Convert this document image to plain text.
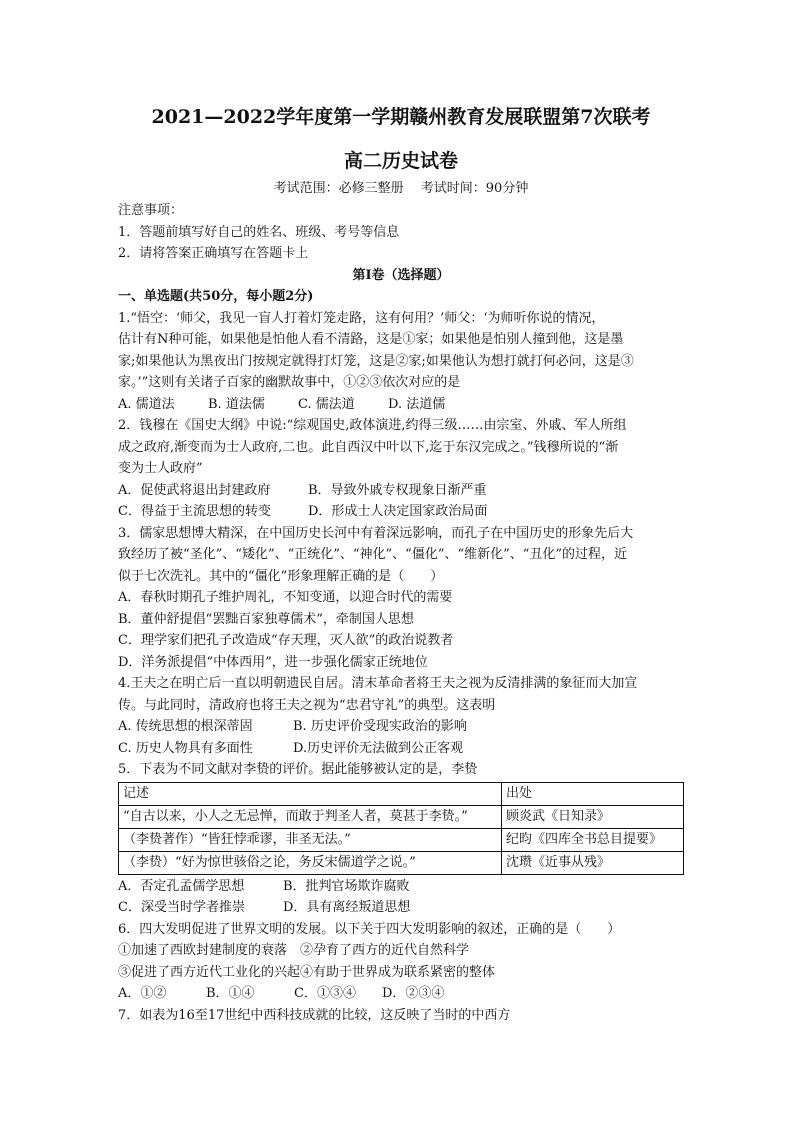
2021—2022学年度第一学期赣州教育发展联盟第7次联考
高二历史试卷
考试范围：必修三整册　 考试时间：90分钟
注意事项：
1．答题前填写好自己的姓名、班级、考号等信息
2．请将答案正确填写在答题卡上
第Ⅰ卷（选择题）
一、单选题(共50分，每小题2分)
1.“悟空：‘师父，我见一盲人打着灯笼走路，这有何用？’师父：‘为师听你说的情况，
估计有N种可能，如果他是怕他人看不清路，这是①家；如果他是怕别人撞到他，这是墨
家;如果他认为黑夜出门按规定就得打灯笼，这是②家;如果他认为想打就打何必问，这是③
家。’”这则有关诸子百家的幽默故事中，①②③依次对应的是
A. 儒道法	B. 道法儒	C. 儒法道	D. 法道儒
2．钱穆在《国史大纲》中说:“综观国史,政体演进,约得三级……由宗室、外戚、军人所组
成之政府,渐变而为士人政府,二也。此自西汉中叶以下,迄于东汉完成之。”钱穆所说的“渐
变为士人政府”
A．促使武将退出封建政府	B．导致外戚专权现象日渐严重
C．得益于主流思想的转变	D．形成士人决定国家政治局面
3．儒家思想博大精深，在中国历史长河中有着深远影响，而孔子在中国历史的形象先后大
致经历了被“圣化”、“矮化”、“正统化”、“神化”、“僵化”、“维新化”、“丑化”的过程，近
似于七次洗礼。其中的“僵化”形象理解正确的是（　　）
A．春秋时期孔子维护周礼，不知变通，以迎合时代的需要
B．董仲舒提倡“罢黜百家独尊儒术”，牵制国人思想
C．理学家们把孔子改造成“存天理，灭人欲”的政治说教者
D．洋务派提倡“中体西用”，进一步强化儒家正统地位
4.王夫之在明亡后一直以明朝遗民自居。清末革命者将王夫之视为反清排满的象征而大加宣
传。与此同时，清政府也将王夫之视为“忠君守礼”的典型。这表明
A. 传统思想的根深蒂固	B. 历史评价受现实政治的影响
C. 历史人物具有多面性	D.历史评价无法做到公正客观
5．下表为不同文献对李贽的评价。据此能够被认定的是，李贽
记述	出处
“自古以来，小人之无忌惮，而敢于判圣人者，莫甚于李贽。”	顾炎武《日知录》
（李贽著作）“皆狂悖乖谬，非圣无法。”	纪昀《四库全书总目提要》
（李贽）“好为惊世骇俗之论，务反宋儒道学之说。”	沈瓒《近事从残》
A．否定孔孟儒学思想	B．批判官场欺诈腐败
C．深受当时学者推崇	D．具有离经叛道思想
6．四大发明促进了世界文明的发展。以下关于四大发明影响的叙述，正确的是（　　）
①加速了西欧封建制度的衰落　②孕育了西方的近代自然科学
③促进了西方近代工业化的兴起④有助于世界成为联系紧密的整体
A．①②	B．①④	C．①③④	D．②③④
7．如表为16至17世纪中西科技成就的比较，这反映了当时的中西方
